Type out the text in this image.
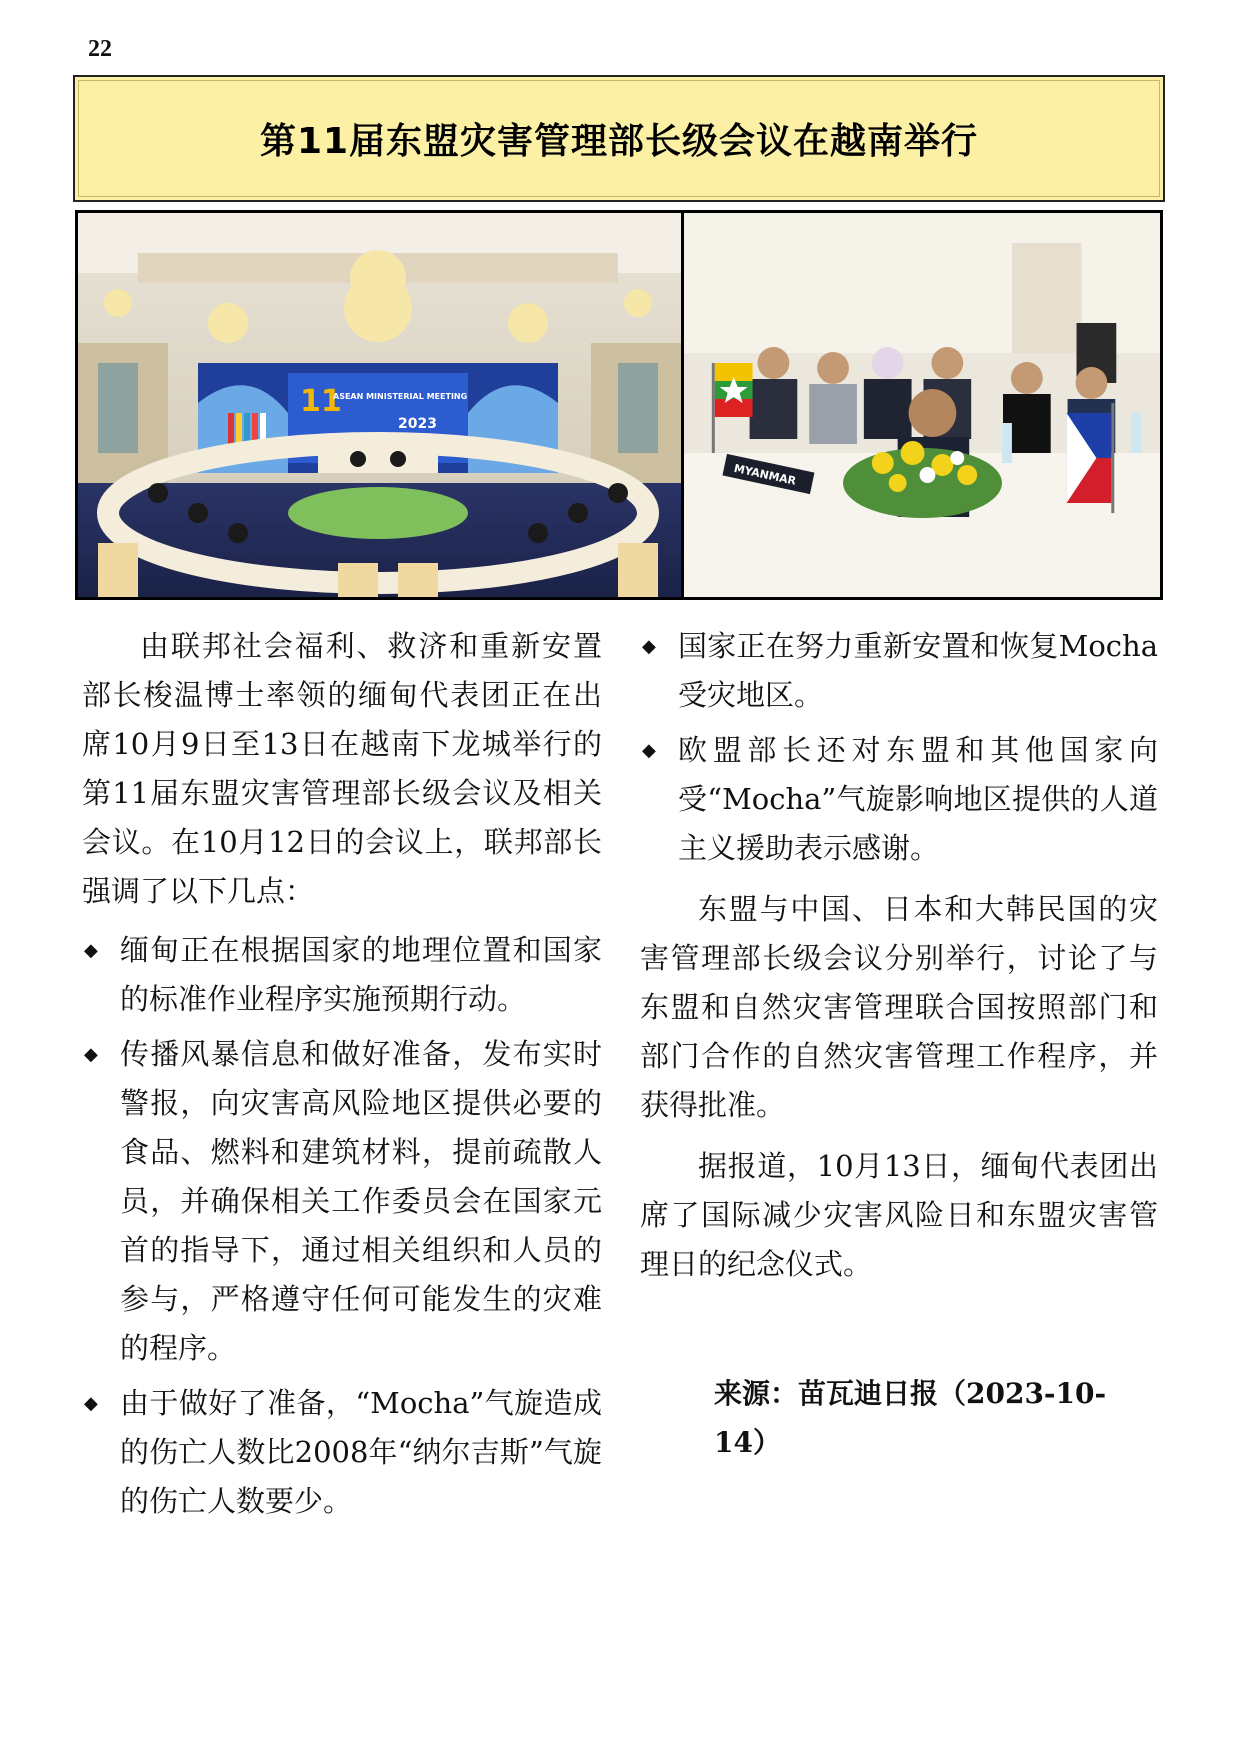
22
第11届东盟灾害管理部长级会议在越南举行
11
ASEAN MINISTERIAL MEETING
2023
MYANMAR

由联邦社会福利、救济和重新安置部长梭温博士率领的缅甸代表团正在出席10月9日至13日在越南下龙城举行的第11届东盟灾害管理部长级会议及相关会议。在10月12日的会议上，联邦部长强调了以下几点：

◆ 缅甸正在根据国家的地理位置和国家的标准作业程序实施预期行动。
◆ 传播风暴信息和做好准备，发布实时警报，向灾害高风险地区提供必要的食品、燃料和建筑材料，提前疏散人员，并确保相关工作委员会在国家元首的指导下，通过相关组织和人员的参与，严格遵守任何可能发生的灾难的程序。
◆ 由于做好了准备，“Mocha”气旋造成的伤亡人数比2008年“纳尔吉斯”气旋的伤亡人数要少。
◆ 国家正在努力重新安置和恢复Mocha受灾地区。
◆ 欧盟部长还对东盟和其他国家向受“Mocha”气旋影响地区提供的人道主义援助表示感谢。

东盟与中国、日本和大韩民国的灾害管理部长级会议分别举行，讨论了与东盟和自然灾害管理联合国按照部门和部门合作的自然灾害管理工作程序，并获得批准。

据报道，10月13日，缅甸代表团出席了国际减少灾害风险日和东盟灾害管理日的纪念仪式。

来源：苗瓦迪日报（2023-10-14）
